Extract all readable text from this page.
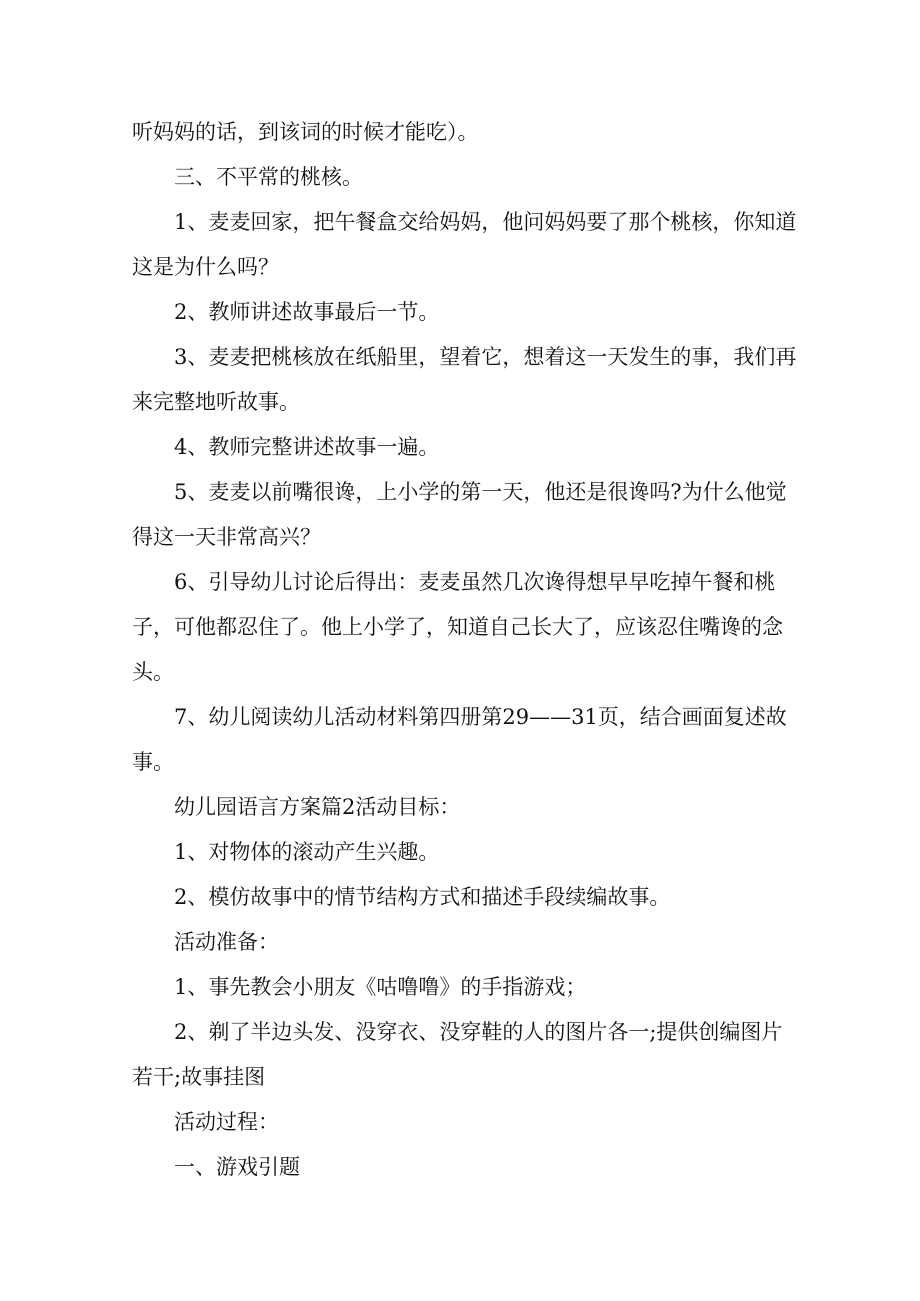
听妈妈的话，到该词的时候才能吃）。

三、不平常的桃核。

1、麦麦回家，把午餐盒交给妈妈，他问妈妈要了那个桃核，你知道这是为什么吗？

2、教师讲述故事最后一节。

3、麦麦把桃核放在纸船里，望着它，想着这一天发生的事，我们再来完整地听故事。

4、教师完整讲述故事一遍。

5、麦麦以前嘴很谗，上小学的第一天，他还是很谗吗?为什么他觉得这一天非常高兴？

6、引导幼儿讨论后得出：麦麦虽然几次谗得想早早吃掉午餐和桃子，可他都忍住了。他上小学了，知道自己长大了，应该忍住嘴谗的念头。

7、幼儿阅读幼儿活动材料第四册第29——31页，结合画面复述故事。

幼儿园语言方案篇2活动目标：

1、对物体的滚动产生兴趣。

2、模仿故事中的情节结构方式和描述手段续编故事。

活动准备：

1、事先教会小朋友《咕噜噜》的手指游戏；

2、剃了半边头发、没穿衣、没穿鞋的人的图片各一;提供创编图片若干;故事挂图

活动过程：

一、游戏引题
